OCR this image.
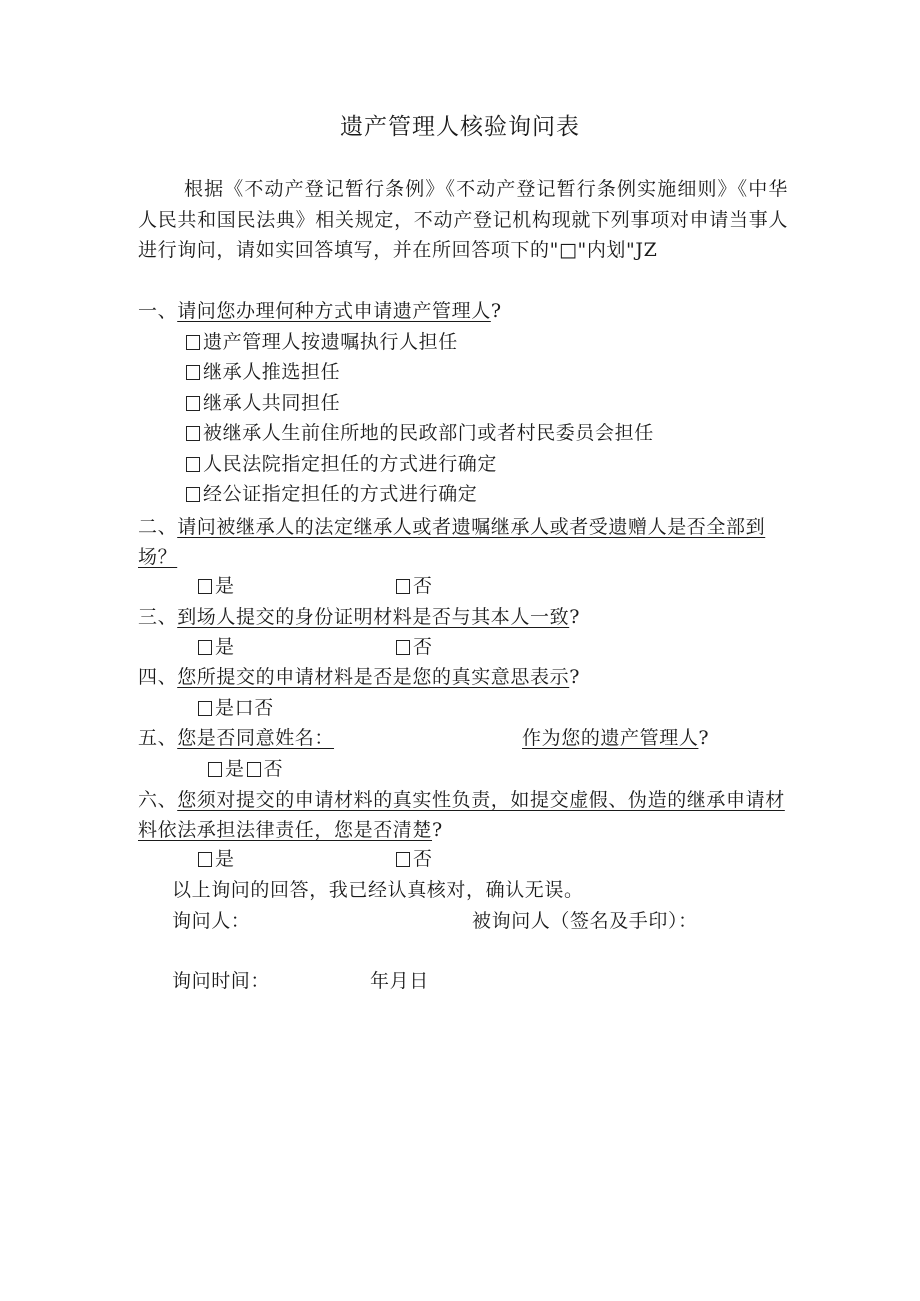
遗产管理人核验询问表
根据《不动产登记暂行条例》《不动产登记暂行条例实施细则》《中华人民共和国民法典》相关规定，不动产登记机构现就下列事项对申请当事人进行询问，请如实回答填写，并在所回答项下的"□"内划"JZ
一、请问您办理何种方式申请遗产管理人?
遗产管理人按遗嘱执行人担任
继承人推选担任
继承人共同担任
被继承人生前住所地的民政部门或者村民委员会担任
人民法院指定担任的方式进行确定
经公证指定担任的方式进行确定
二、请问被继承人的法定继承人或者遗嘱继承人或者受遗赠人是否全部到场？
是	否
三、到场人提交的身份证明材料是否与其本人一致?
是	否
四、您所提交的申请材料是否是您的真实意思表示?
是口否
五、您是否同意姓名：	作为您的遗产管理人?
是 否
六、您须对提交的申请材料的真实性负责，如提交虚假、伪造的继承申请材料依法承担法律责任，您是否清楚?
是	否
以上询问的回答，我已经认真核对，确认无误。
询问人：	被询问人（签名及手印）：
询问时间：	年月日
